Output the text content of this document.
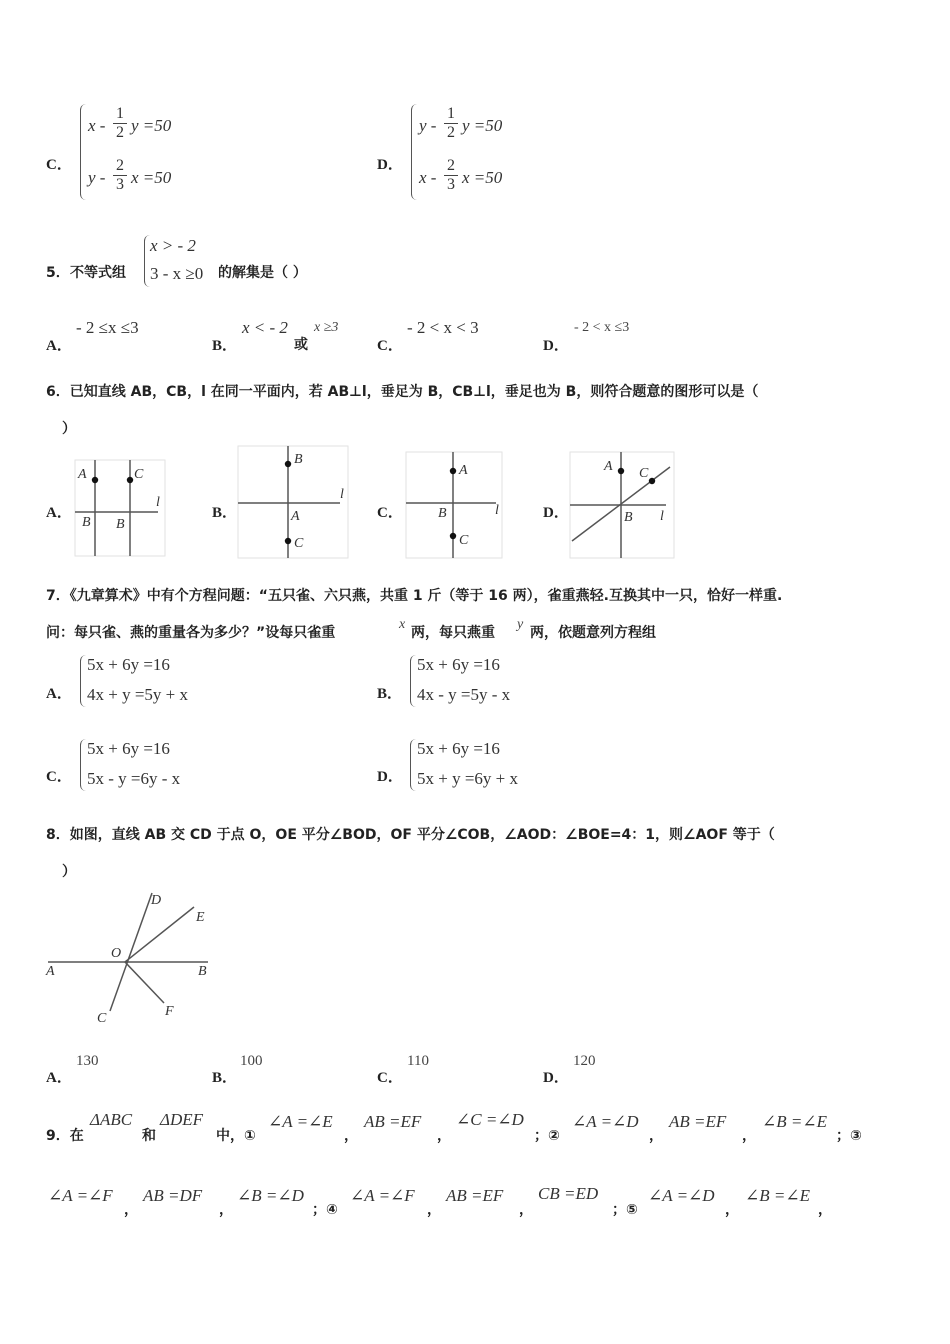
C．
x - $\frac{1}{2}$ y =50
y - $\frac{2}{3}$ x =50
D．
y - $\frac{1}{2}$ y =50
x - $\frac{2}{3}$ x =50
5． 不等式组
x > - 2
3 - x ≥0 的解集是（ ）
A．
- 2 ≤x ≤3
B．
x < - 2
或
x ≥3
C．
- 2 < x < 3
D．
- 2 < x ≤3
6．已知直线 AB，CB，l 在同一平面内，若 AB⊥l，垂足为 B，CB⊥l，垂足也为 B，则符合题意的图形可以是（
）
A．
A	C
B B
l
B．
B
A
C
l
C．
A
B
C
l	D．
A C
B l
7．《九章算术》中有个方程问题：“五只雀、六只燕，共重 1 斤（等于 16 两），雀重燕轻.互换其中一只，恰好一样重.
问：每只雀、燕的重量各为多少？”设每只雀重
x
两，每只燕重
y
两，依题意列方程组
A．
5x + 6y =16
4x + y =5y + x	B．
5x + 6y =16
4x - y =5y - x
C．
5x + 6y =16
5x - y =6y - x	D．
5x + 6y =16
5x + y =6y + x
8．如图，直线 AB 交 CD 于点 O，OE 平分∠BOD，OF 平分∠COB，∠AOD：∠BOE=4：1，则∠AOF 等于（
）
A	B
C
D
E
F
O
A．
130
B．
100
C．
110
D．
120
9．在
ΔABC
和
ΔDEF
中，①
∠A =∠E
，
AB =EF
，
∠C =∠D
；②
∠A =∠D
，
AB =EF
，
∠B =∠E
；③
∠A =∠F
，
AB =DF
，
∠B =∠D
；④
∠A =∠F
，
AB =EF
，
CB =ED
；⑤
∠A =∠D
，
∠B =∠E
，
